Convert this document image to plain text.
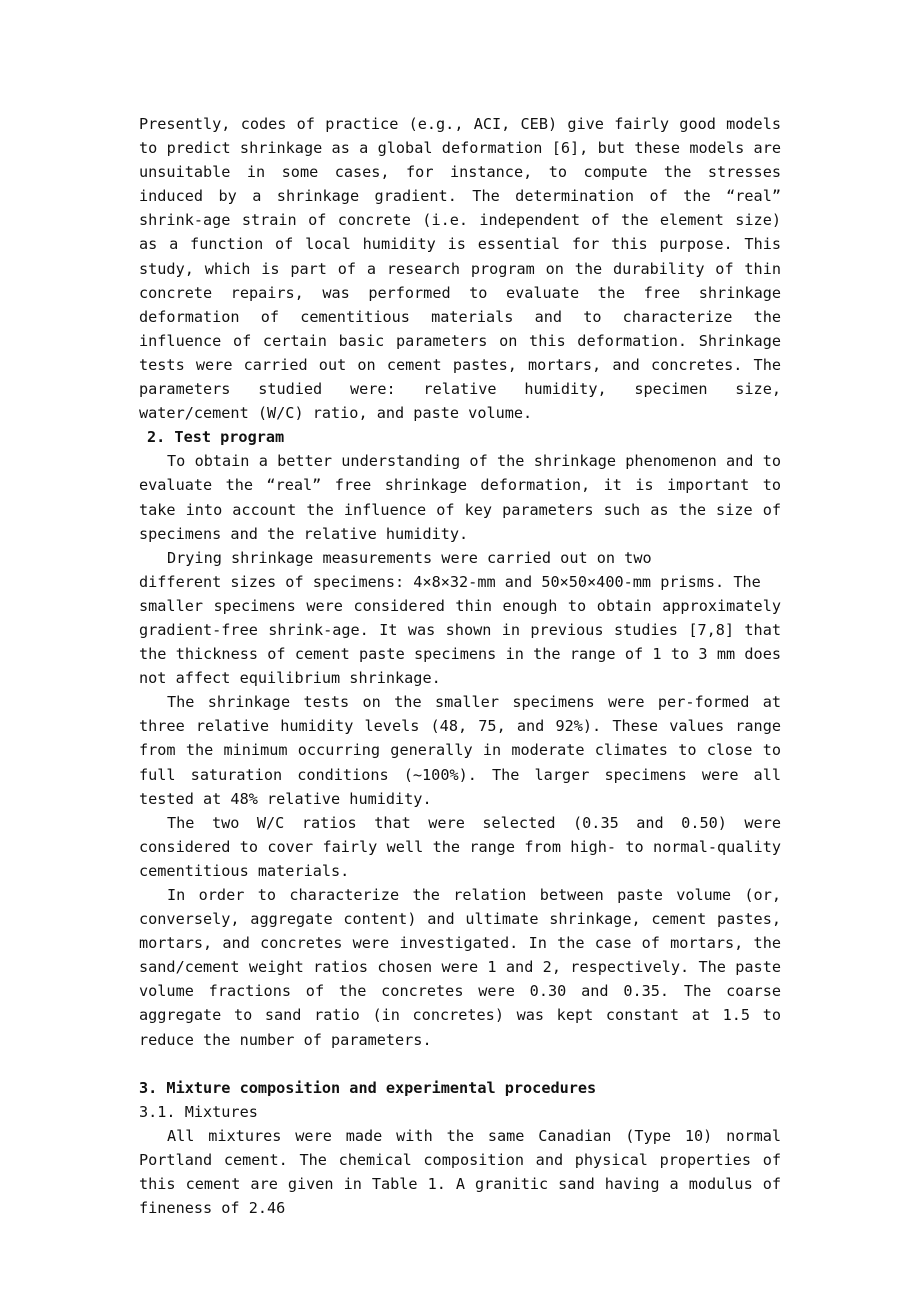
Presently, codes of practice (e.g., ACI, CEB) give fairly good models to predict shrinkage as a global deformation [6], but these models are unsuitable in some cases, for instance, to compute the stresses induced by a shrinkage gradient. The determination of the “real” shrink-age strain of concrete (i.e. independent of the element size) as a function of local humidity is essential for this purpose. This study, which is part of a research program on the durability of thin concrete repairs, was performed to evaluate the free shrinkage deformation of cementitious materials and to characterize the influence of certain basic parameters on this deformation. Shrinkage tests were carried out on cement pastes, mortars, and concretes. The parameters studied were: relative humidity, specimen size, water/cement (W/C) ratio, and paste volume.

2. Test program

To obtain a better understanding of the shrinkage phenomenon and to evaluate the “real” free shrinkage deformation, it is important to take into account the influence of key parameters such as the size of specimens and the relative humidity.

Drying shrinkage measurements were carried out on two

different sizes of specimens: 4×8×32-mm and 50×50×400-mm prisms. The

smaller specimens were considered thin enough to obtain approximately gradient-free shrink-age. It was shown in previous studies [7,8] that the thickness of cement paste specimens in the range of 1 to 3 mm does not affect equilibrium shrinkage.

The shrinkage tests on the smaller specimens were per-formed at three relative humidity levels (48, 75, and 92%). These values range from the minimum occurring generally in moderate climates to close to full saturation conditions (~100%). The larger specimens were all tested at 48% relative humidity.

The two W/C ratios that were selected (0.35 and 0.50) were considered to cover fairly well the range from high- to normal-quality cementitious materials.

In order to characterize the relation between paste volume (or, conversely, aggregate content) and ultimate shrinkage, cement pastes, mortars, and concretes were investigated. In the case of mortars, the sand/cement weight ratios chosen were 1 and 2, respectively. The paste volume fractions of the concretes were 0.30 and 0.35. The coarse aggregate to sand ratio (in concretes) was kept constant at 1.5 to reduce the number of parameters.

3. Mixture composition and experimental procedures
3.1. Mixtures

All mixtures were made with the same Canadian (Type 10) normal Portland cement. The chemical composition and physical properties of this cement are given in Table 1. A granitic sand having a modulus of fineness of 2.46
